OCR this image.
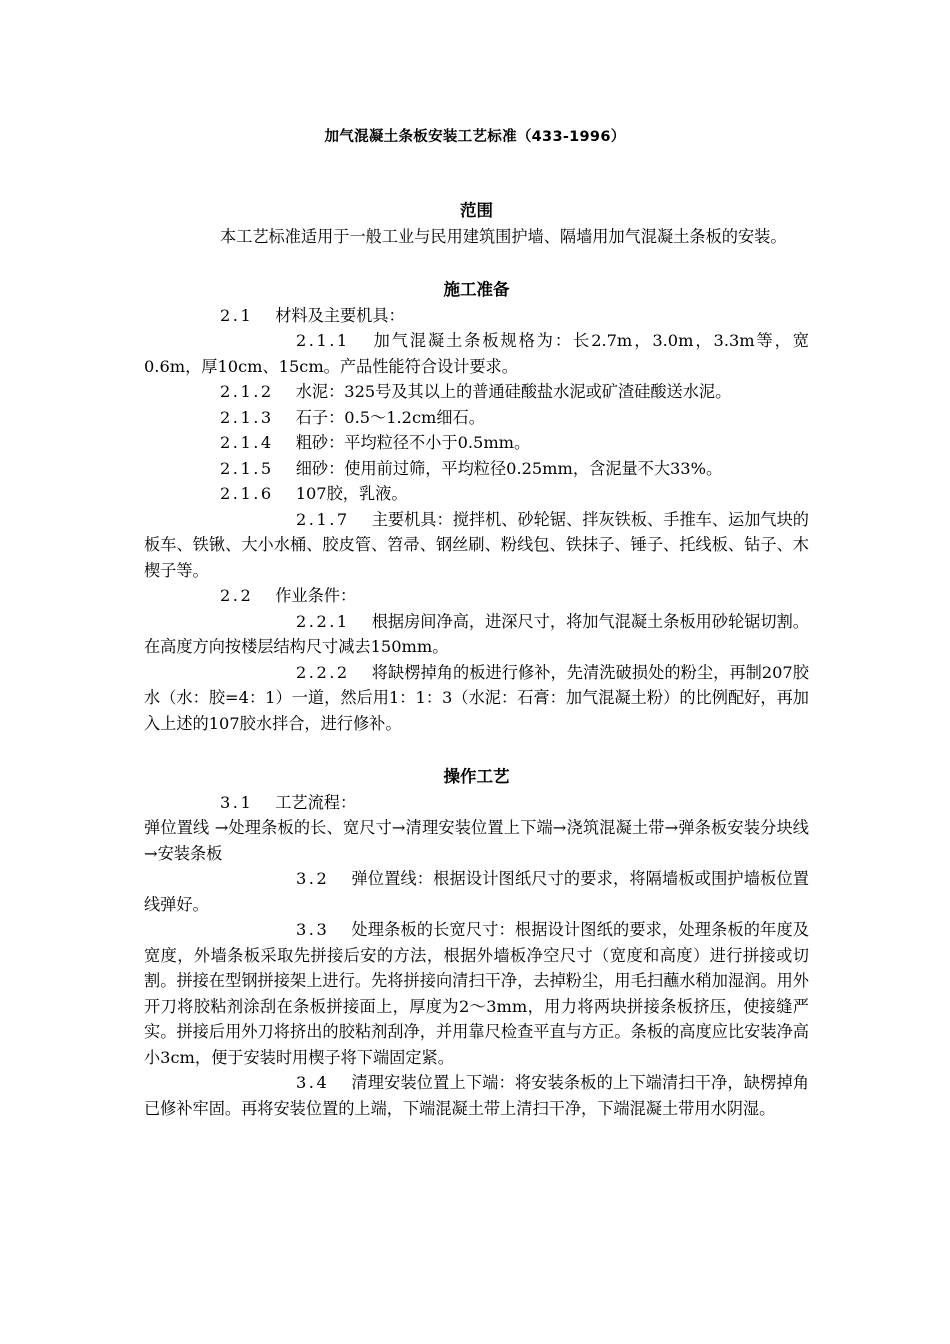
加气混凝土条板安装工艺标准（433-1996）
范围

本工艺标准适用于一般工业与民用建筑围护墙、隔墙用加气混凝土条板的安装。

施工准备

2.1 材料及主要机具：

2.1.1 加气混凝土条板规格为：长2.7m，3.0m，3.3m等，宽0.6m，厚10cm、15cm。产品性能符合设计要求。

2.1.2 水泥：325号及其以上的普通硅酸盐水泥或矿渣硅酸送水泥。

2.1.3 石子：0.5～1.2cm细石。

2.1.4 粗砂：平均粒径不小于0.5mm。

2.1.5 细砂：使用前过筛，平均粒径0.25mm，含泥量不大33%。

2.1.6 107胶，乳液。

2.1.7 主要机具：搅拌机、砂轮锯、拌灰铁板、手推车、运加气块的板车、铁锹、大小水桶、胶皮管、笤帚、钢丝刷、粉线包、铁抹子、锤子、托线板、钻子、木楔子等。

2.2 作业条件：

2.2.1 根据房间净高，进深尺寸，将加气混凝土条板用砂轮锯切割。在高度方向按楼层结构尺寸减去150mm。

2.2.2 将缺楞掉角的板进行修补，先清洗破损处的粉尘，再制207胶水（水：胶=4：1）一道，然后用1：1：3（水泥：石膏：加气混凝土粉）的比例配好，再加入上述的107胶水拌合，进行修补。

操作工艺

3.1 工艺流程：

弹位置线 →处理条板的长、宽尺寸→清理安装位置上下端→浇筑混凝土带→弹条板安装分块线→安装条板

3.2 弹位置线：根据设计图纸尺寸的要求，将隔墙板或围护墙板位置线弹好。

3.3 处理条板的长宽尺寸：根据设计图纸的要求，处理条板的年度及宽度，外墙条板采取先拼接后安的方法，根据外墙板净空尺寸（宽度和高度）进行拼接或切割。拼接在型钢拼接架上进行。先将拼接向清扫干净，去掉粉尘，用毛扫蘸水稍加湿润。用外开刀将胶粘剂涂刮在条板拼接面上，厚度为2～3mm，用力将两块拼接条板挤压，使接缝严实。拼接后用外刀将挤出的胶粘剂刮净，并用靠尺检查平直与方正。条板的高度应比安装净高小3cm，便于安装时用楔子将下端固定紧。

3.4 清理安装位置上下端：将安装条板的上下端清扫干净，缺楞掉角已修补牢固。再将安装位置的上端，下端混凝土带上清扫干净，下端混凝土带用水阴湿。
